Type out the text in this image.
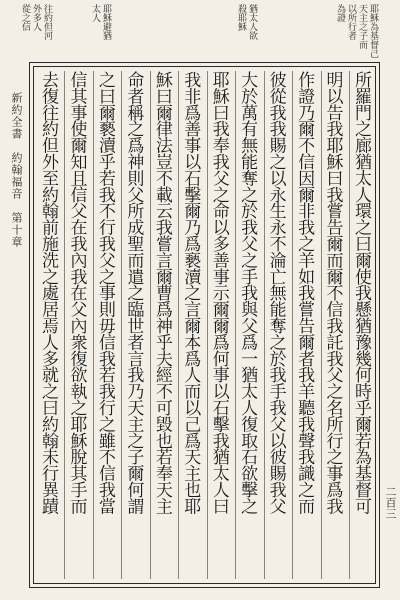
耶穌為基督己
天主之子而
以所行者
為證
猶太人欲
殺耶穌
耶穌避猶
太人
往約但河
外多人
從之信
所羅門之廊猶太人環之曰爾使我懸猶豫幾何時乎爾若為基督可
明以告我耶穌曰我嘗告爾而爾不信我託我父之名所行之事爲我
作證乃爾不信因爾非我之羊如我嘗告爾者我羊聽我聲我識之而
彼從我我賜之以永生永不淪亡無能奪之於我手我父以彼賜我父
大於萬有無能奪之於我父之手我與父爲一猶太人復取石欲擊之
耶穌曰我奉我父之命以多善事示爾爾爲何事以石擊我猶太人曰
我非爲善事以石擊爾乃爲褻瀆之言爾本爲人而以己爲天主也耶
穌曰爾律法豈不載云我嘗言爾曹爲神乎夫經不可毀也若奉天主
命者稱之爲神則父所成聖而遣之臨世者言我乃天主之子爾何謂
之曰爾褻瀆乎若我不行我父之事則毋信我若我行之雖不信我當
信其事使爾知且信父在我內我在父內衆復欲執之耶穌脫其手而
去復往約但外至約翰前施洗之處居焉人多就之曰約翰未行異蹟
新約全書　約翰福音　第十章
二百三
